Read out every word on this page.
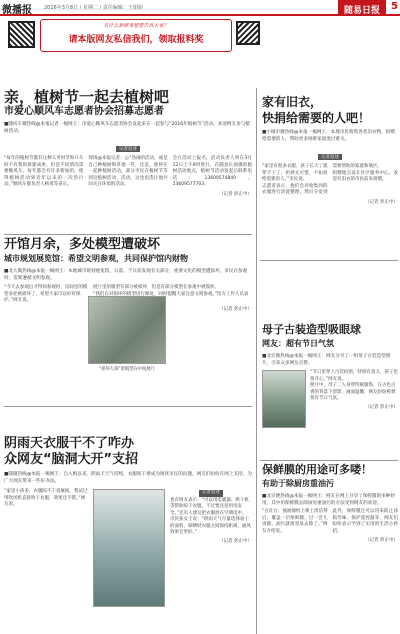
微播报 2016年3月8日 / 星期二 / 责任编辑：王娟娟	随易日报	5
有什么新鲜事想要告诉大家？
请本版网友私信我们，领取报料奖
亲，植树节一起去植树吧
市爱心顺风车志愿者协会招募志愿者
■随风车微热线@本报记者一揭网王：市爱心顺风车志愿者协会发起来在一起参与“2016年植树节”活动，欢迎网友参与植树活动。
记者追述

“每年的植树节都有这种义务时节和开车时不有我的新建成果，但是不同情况需要顺风车，每年都会有许多新加的，使得植树活动到近年以来的一次热行动。”顺风车群负责人杨勇等表示。

现场@本报记者：公“热闹的活动，或是自己种植树和草地一些，还是，使得在一起种植树活动，部分市民在植树节等到这植树活动，活动，这也也选让他共同关注环境的活动。

会在活动上报名，活动负责人将在3月12日上午9时进行，在随县长岗镇的植树活动地点，植树节活动发起后联系电话：13609574840、13609577703。

（记者 彭正中）
开馆月余，多处模型遭破坏
城市规划展览馆：希望文明参观，共同保护馆内财物
■北大微热线@本报一揭网王：本地城市规划展览馆，日前，于日前发现有关部分，重要文化的模型遭损坏，市民在参观时，需要遵循文明参观。
“今天去参观后才得知参观时，房间里的模型多处被损坏了，希望大家可以好好保护。”网友说。

展厅里的模型有部分被损坏，但是有部分模型在参观中被毁坏。

“我们在对损坏的模型进行修复，同时提醒大家注意文明参观。”馆方工作人员表

（记者 彭正中）
“损坏大部”蛋模型在中间展厅
阴雨天衣服干不了咋办
众网友“脑洞大开”支招
■随微热线@本报一揭网王：自入梅以来，阴雨天天气持续，衣服晾干难成为困扰市民的问题，网友们纷纷在网上支招，为广大网友带来一些好办法。

“家里小孩多，衣服晾不干真麻烦，我试过用吹风机直接吹干衣服，效果还不错。”网友说。

记者追述

也有网友表示：“可以用电暖器、烘干机等帮助晾干衣服，不过要注意用电安全。”还有人建议把衣服放在空调房中。

市民张女士说：“阴雨天气尽量选择易干的面料，晾晒时衣服之间保持距离，通风效果会更好。”

（记者 彭正中）
家有旧衣，
快捐给需要的人吧！
■小城市微热线@本报一揭网王：本地市民收集各类旧衣物，捐赠给需要的人，帮助更多困难家庭度过难关。
记者追述

“家里有很多衣服，孩子长大了就穿不下了，扔掉太可惜，不如捐给需要的人。”市民说。

志愿者表示，他们会对收集到的衣服进行清洗整理，然后分发到需要帮助的家庭和地区。

捐赠地点设在社区服务中心，欢迎有旧衣的市民前来捐赠。

（记者 彭正中）
母子古装造型吸眼球
网友：超有节日气氛
■北京微热线@本报一揭网王：网友分享了一组母子古装造型照片，引来众多网友点赞。

“节日里穿上古装拍照，特别有意义，孩子也很开心。”网友说。

照片中，母子二人身穿传统服饰，在古色古香的背景下留影，画面温馨，网友纷纷称赞很有节日气氛。

（记者 彭正中）
保鲜膜的用途可多喽！
有助于除厨房重油污
■北京便热线@本报一揭网王：网友在网上分享了保鲜膜的多种妙用，其中用保鲜膜去除厨房重油污的方法受到网友的欢迎。

“在灶台、抽油烟机上喷上清洁剂后，覆盖一层保鲜膜，过一会儿再擦，油污就很容易去除了。”网友介绍说。

此外，保鲜膜还可以用来防止冰箱异味、保护遥控器等，网友们纷纷表示学到了实用的生活小妙招。

（记者 彭正中）
